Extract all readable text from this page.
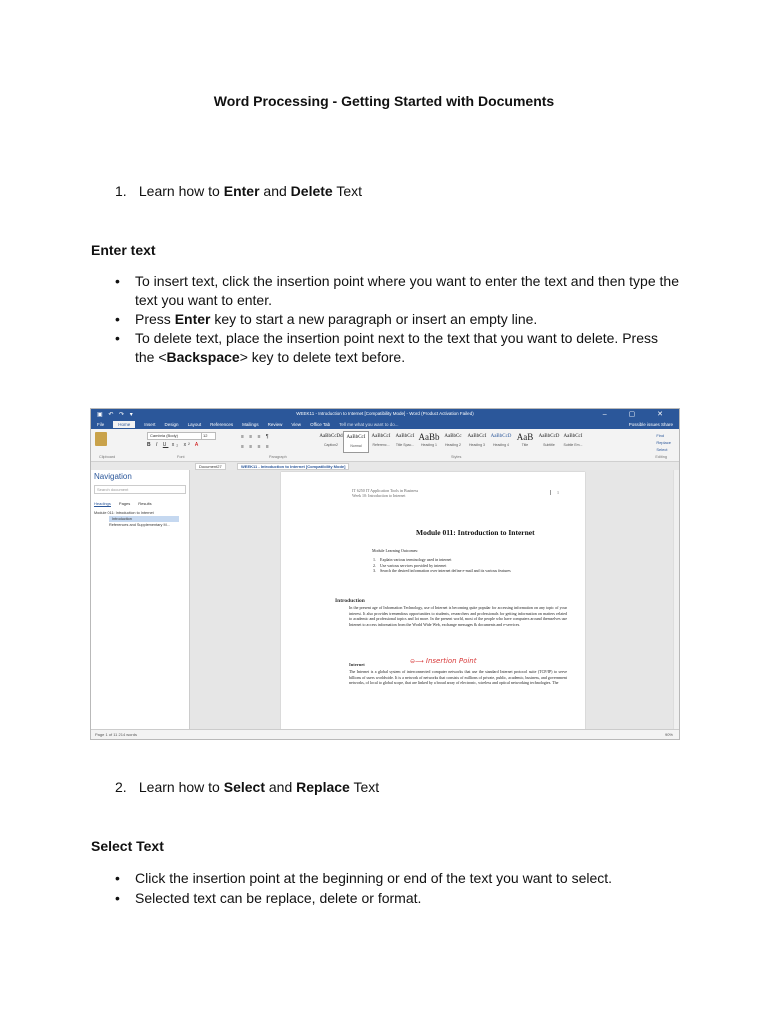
Word Processing - Getting Started with Documents
1. Learn how to Enter and Delete Text
Enter text
• To insert text, click the insertion point where you want to enter the text and then type the text you want to enter.
• Press Enter key to start a new paragraph or insert an empty line.
• To delete text, place the insertion point next to the text that you want to delete. Press the <Backspace> key to delete text before.
▣ ↶ ↷ ▾	WEEK11 - Introduction to Internet [Compatibility Mode] - Word (Product Activation Failed)	– ▢ ✕
File	Home	Insert Design Layout References Mailings Review View Office Tab Tell me what you want to do...	Possible issues Share
Clipboard
Cambria (Body)	12
B I U x₂ x² A
Font
≡ ≡ ≡ ¶
≡ ≡ ≡ ≡
Paragraph
AaBbCcDd
Caption2
AaBbCcI
Normal
AaBbCcI
Referenc...
AaBbCcI
Title Spac...
AaBb
Heading 1
AaBbCc
Heading 2
AaBbCcI
Heading 3
AaBbCcD
Heading 4
AaB
Title
AaBbCcD
Subtitle
AaBbCcI
Subtle Em...
Styles
Find
Replace
Select
Editing
Document27	WEEK11 - Introduction to Internet [Compatibility Mode]
Navigation
Search document
Headings Pages Results
Module 011: Introduction to Internet
Introduction
References and Supplementary M...
IT 6250 IT Application Tools in Business
Week 10: Introduction to Internet
1
Module 011: Introduction to Internet
Module Learning Outcomes:
1. Explain various terminology used in internet
2. Use various services provided by internet
3. Search the desired information over internet define e-mail and its various features
Introduction
In the present age of Information Technology, use of Internet is becoming quite popular for accessing information on any topic of your interest. It also provides tremendous opportunities to students, researchers and professionals for getting information on matters related to academic and professional topics and lot more. In the present world, most of the people who have computers around themselves use Internet to access information from the World Wide Web, exchange messages & documents and e-services.
⊖⟶ Insertion Point
Internet
The Internet is a global system of interconnected computer networks that use the standard Internet protocol suite (TCP/IP) to serve billions of users worldwide. It is a network of networks that consists of millions of private, public, academic, business, and government networks, of local to global scope, that are linked by a broad array of electronic, wireless and optical networking technologies. The
Page 1 of 11 214 words	90%
2. Learn how to Select and Replace Text
Select Text
• Click the insertion point at the beginning or end of the text you want to select.
• Selected text can be replace, delete or format.
